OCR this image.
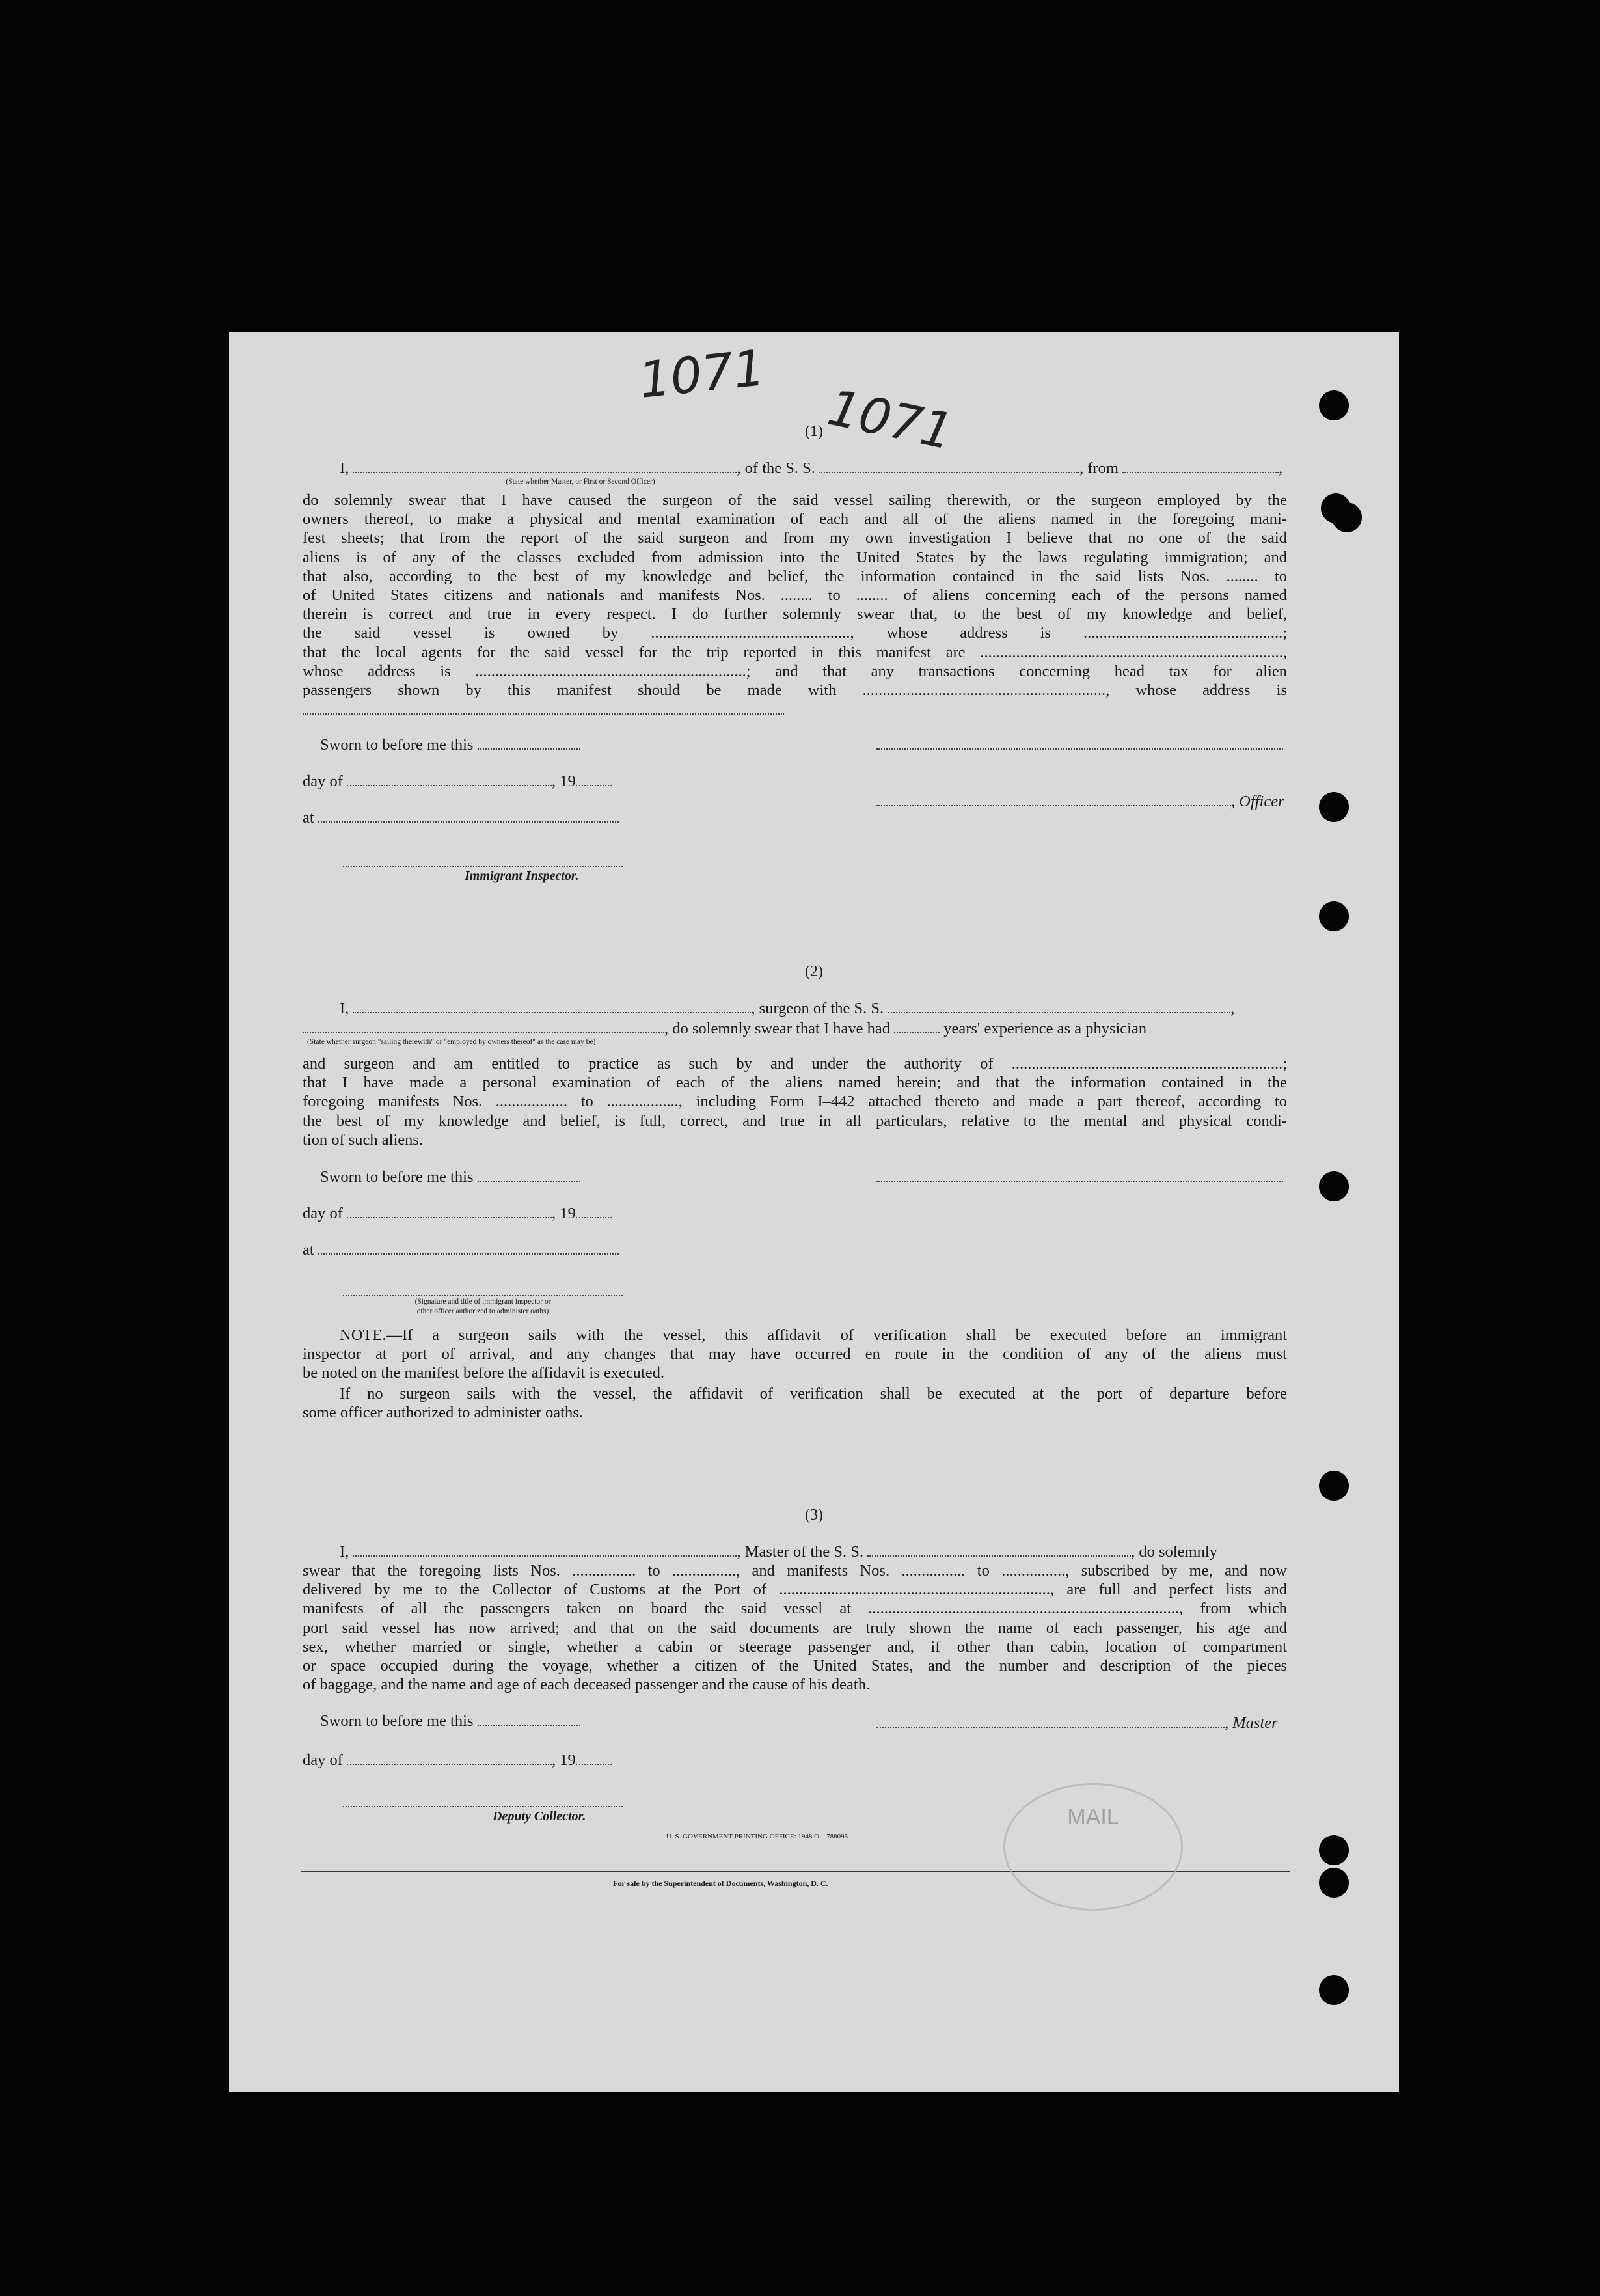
1071
1071
(1)
I,	, of the S. S.	, from	,
(State whether Master, or First or Second Officer)
do solemnly swear that I have caused the surgeon of the said vessel sailing therewith, or the surgeon employed by the
owners thereof, to make a physical and mental examination of each and all of the aliens named in the foregoing mani-
fest sheets; that from the report of the said surgeon and from my own investigation I believe that no one of the said
aliens is of any of the classes excluded from admission into the United States by the laws regulating immigration; and
that also, according to the best of my knowledge and belief, the information contained in the said lists Nos. ........ to
of United States citizens and nationals and manifests Nos. ........ to ........ of aliens concerning each of the persons named
therein is correct and true in every respect. I do further solemnly swear that, to the best of my knowledge and belief,
the said vessel is owned by .................................................., whose address is ..................................................;
that the local agents for the said vessel for the trip reported in this manifest are ............................................................................,
whose address is ....................................................................; and that any transactions concerning head tax for alien
passengers shown by this manifest should be made with ............................................................., whose address is
Sworn to before me this
day of	, 19
, Officer
at
Immigrant Inspector.
(2)
I,	, surgeon of the S. S.	,
, do solemnly swear that I have had	years' experience as a physician
(State whether surgeon "sailing therewith" or "employed by owners thereof" as the case may be)
and surgeon and am entitled to practice as such by and under the authority of ....................................................................;
that I have made a personal examination of each of the aliens named herein; and that the information contained in the
foregoing manifests Nos. .................. to .................., including Form I–442 attached thereto and made a part thereof, according to
the best of my knowledge and belief, is full, correct, and true in all particulars, relative to the mental and physical condi-
tion of such aliens.
Sworn to before me this
day of	, 19
at
(Signature and title of immigrant inspector or
other officer authorized to administer oaths)
NOTE.—If a surgeon sails with the vessel, this affidavit of verification shall be executed before an immigrant
inspector at port of arrival, and any changes that may have occurred en route in the condition of any of the aliens must
be noted on the manifest before the affidavit is executed.
If no surgeon sails with the vessel, the affidavit of verification shall be executed at the port of departure before
some officer authorized to administer oaths.
(3)
I,	, Master of the S. S.	, do solemnly
swear that the foregoing lists Nos. ................ to ................, and manifests Nos. ................ to ................, subscribed by me, and now
delivered by me to the Collector of Customs at the Port of ...................................................................., are full and perfect lists and
manifests of all the passengers taken on board the said vessel at .............................................................................., from which
port said vessel has now arrived; and that on the said documents are truly shown the name of each passenger, his age and
sex, whether married or single, whether a cabin or steerage passenger and, if other than cabin, location of compartment
or space occupied during the voyage, whether a citizen of the United States, and the number and description of the pieces
of baggage, and the name and age of each deceased passenger and the cause of his death.
Sworn to before me this	, Master
day of	, 19
Deputy Collector.
U. S. GOVERNMENT PRINTING OFFICE: 1948 O—788095
For sale by the Superintendent of Documents, Washington, D. C.
MAIL
